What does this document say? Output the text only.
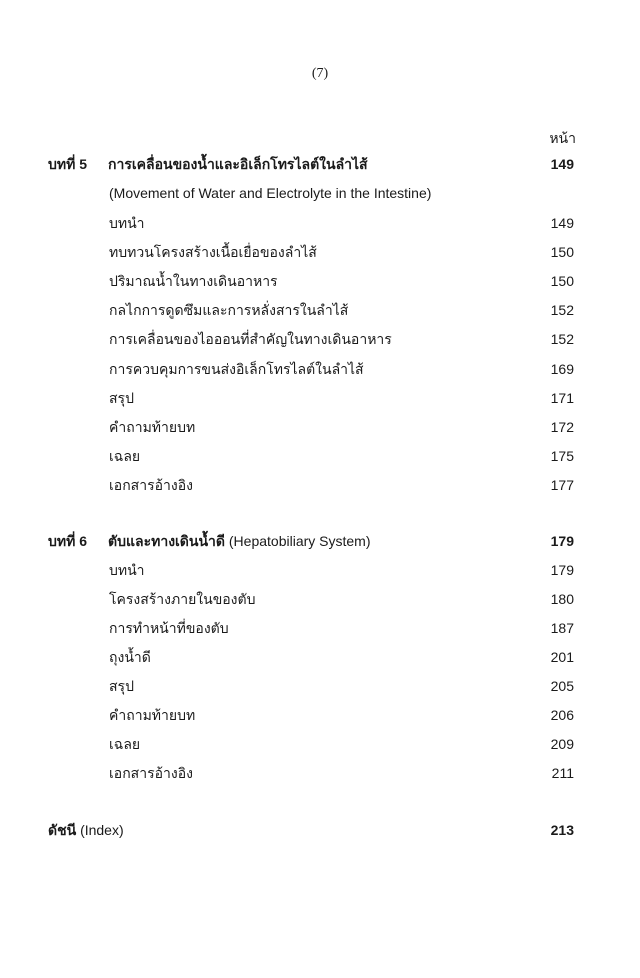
(7)
หน้า
บทที่ 5 การเคลื่อนของน้ำและอิเล็กโทรไลต์ในลำไส้	149
(Movement of Water and Electrolyte in the Intestine)
บทนำ	149
ทบทวนโครงสร้างเนื้อเยื่อของลำไส้	150
ปริมาณน้ำในทางเดินอาหาร	150
กลไกการดูดซึมและการหลั่งสารในลำไส้	152
การเคลื่อนของไอออนที่สำคัญในทางเดินอาหาร	152
การควบคุมการขนส่งอิเล็กโทรไลต์ในลำไส้	169
สรุป	171
คำถามท้ายบท	172
เฉลย	175
เอกสารอ้างอิง	177
บทที่ 6 ตับและทางเดินน้ำดี (Hepatobiliary System)	179
บทนำ	179
โครงสร้างภายในของตับ	180
การทำหน้าที่ของตับ	187
ถุงน้ำดี	201
สรุป	205
คำถามท้ายบท	206
เฉลย	209
เอกสารอ้างอิง	211
ดัชนี (Index)	213
